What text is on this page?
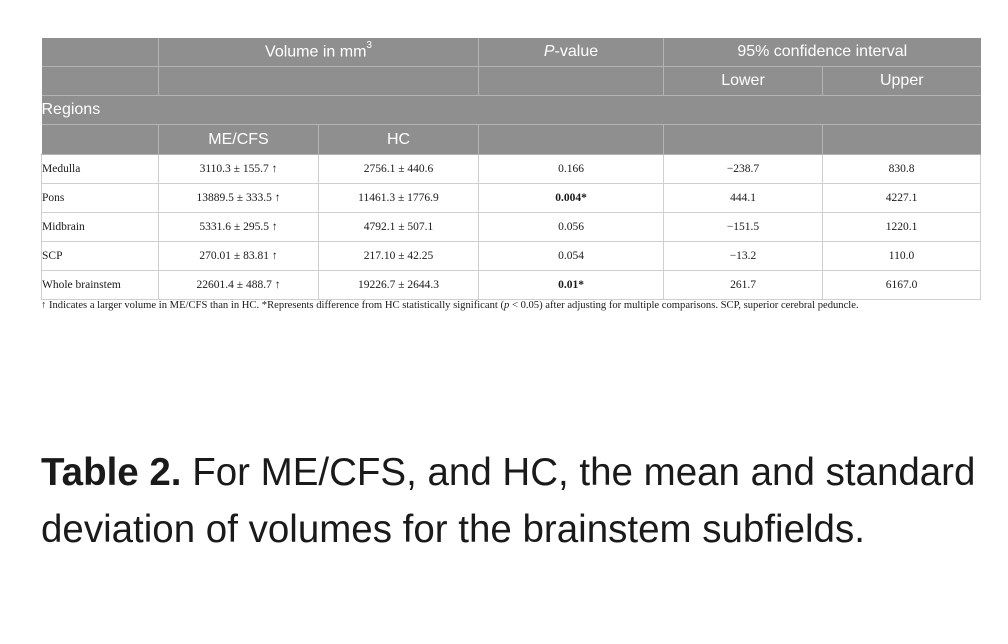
	Volume in $mm^3$		P-value	95% confidence interval	
				Lower	Upper
Regions					
	ME/CFS	HC			
Medulla	3110.3 ± 155.7 ↑	2756.1 ± 440.6	0.166	−238.7	830.8
Pons	13889.5 ± 333.5 ↑	11461.3 ± 1776.9	0.004*	444.1	4227.1
Midbrain	5331.6 ± 295.5 ↑	4792.1 ± 507.1	0.056	−151.5	1220.1
SCP	270.01 ± 83.81 ↑	217.10 ± 42.25	0.054	−13.2	110.0
Whole brainstem	22601.4 ± 488.7 ↑	19226.7 ± 2644.3	0.01*	261.7	6167.0
↑ Indicates a larger volume in ME/CFS than in HC. *Represents difference from HC statistically significant (p < 0.05) after adjusting for multiple comparisons. SCP, superior cerebral peduncle.
Table 2. For ME/CFS, and HC, the mean and standard deviation of volumes for the brainstem subfields.
